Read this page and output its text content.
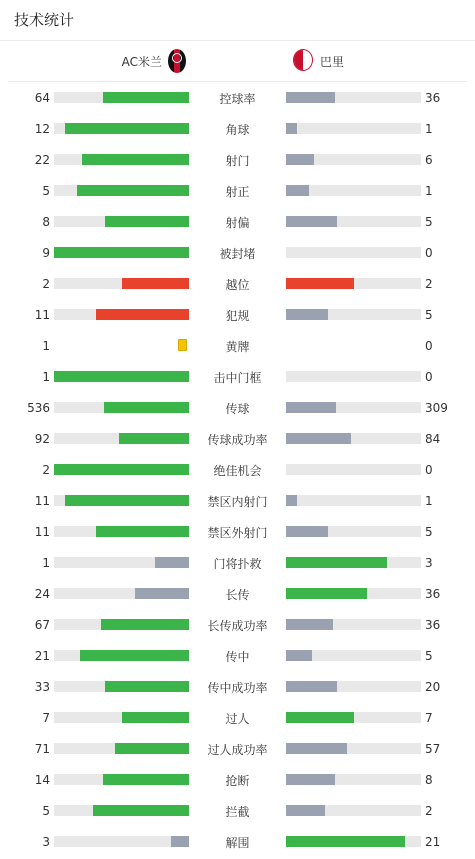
技术统计
AC米兰	巴里
64	控球率	36
12	角球	1
22	射门	6
5	射正	1
8	射偏	5
9	被封堵	0
2	越位	2
11	犯规	5
1	黄牌	0
1	击中门框	0
536	传球	309
92	传球成功率	84
2	绝佳机会	0
11	禁区内射门	1
11	禁区外射门	5
1	门将扑救	3
24	长传	36
67	长传成功率	36
21	传中	5
33	传中成功率	20
7	过人	7
71	过人成功率	57
14	抢断	8
5	拦截	2
3	解围	21
